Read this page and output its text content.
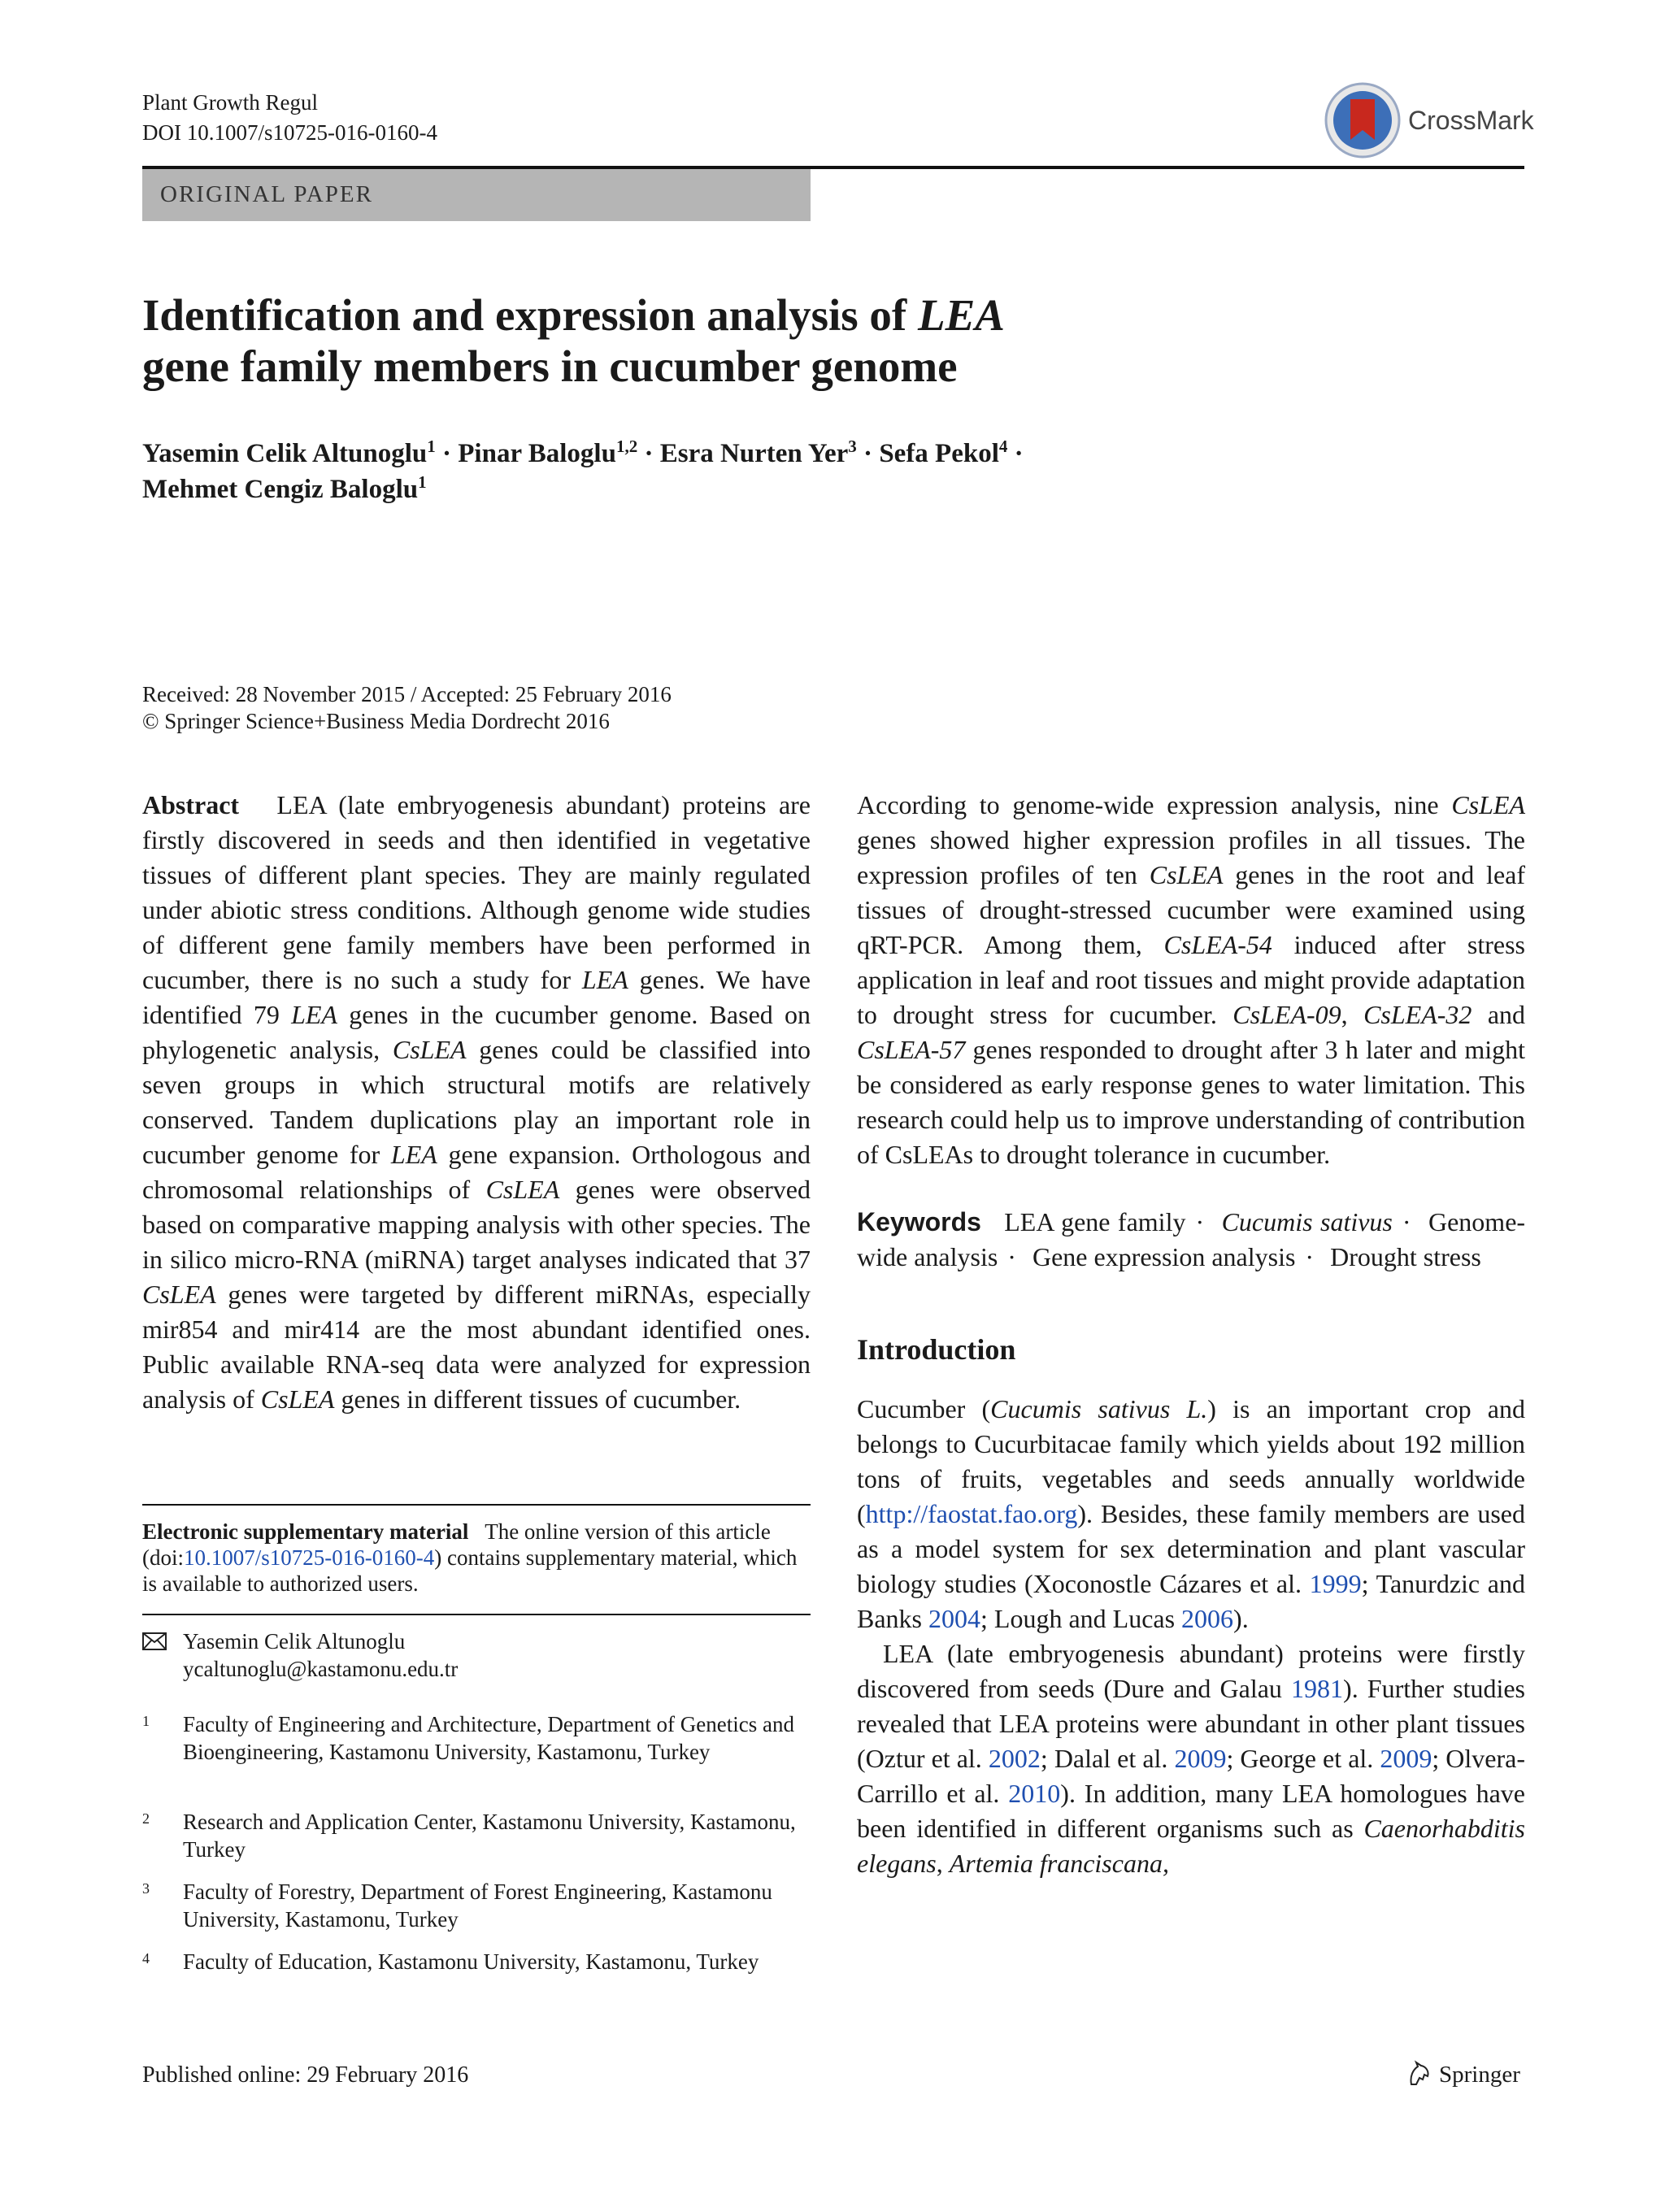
Plant Growth Regul
DOI 10.1007/s10725-016-0160-4	CrossMark
ORIGINAL PAPER
Identification and expression analysis of LEA
gene family members in cucumber genome
Yasemin Celik Altunoglu$^1$ · Pinar Baloglu$^{1,2}$ · Esra Nurten Yer$^3$ · Sefa Pekol$^4$ ·
Mehmet Cengiz Baloglu$^1$
Received: 28 November 2015 / Accepted: 25 February 2016
© Springer Science+Business Media Dordrecht 2016

Abstract LEA (late embryogenesis abundant) proteins are firstly discovered in seeds and then identified in vegetative tissues of different plant species. They are mainly regulated under abiotic stress conditions. Although genome wide studies of different gene family members have been performed in cucumber, there is no such a study for LEA genes. We have identified 79 LEA genes in the cucumber genome. Based on phylogenetic analysis, CsLEA genes could be classified into seven groups in which structural motifs are relatively conserved. Tandem duplications play an important role in cucumber genome for LEA gene expansion. Orthologous and chromosomal relationships of CsLEA genes were observed based on comparative mapping analysis with other species. The in silico micro-RNA (miRNA) target analyses indicated that 37 CsLEA genes were targeted by different miRNAs, especially mir854 and mir414 are the most abundant identified ones. Public available RNA-seq data were analyzed for expression analysis of CsLEA genes in different tissues of cucumber.

According to genome-wide expression analysis, nine CsLEA genes showed higher expression profiles in all tissues. The expression profiles of ten CsLEA genes in the root and leaf tissues of drought-stressed cucumber were examined using qRT-PCR. Among them, CsLEA-54 induced after stress application in leaf and root tissues and might provide adaptation to drought stress for cucumber. CsLEA-09, CsLEA-32 and CsLEA-57 genes responded to drought after 3 h later and might be considered as early response genes to water limitation. This research could help us to improve understanding of contribution of CsLEAs to drought tolerance in cucumber.

Keywords LEA gene family · Cucumis sativus · Genome-wide analysis · Gene expression analysis · Drought stress

Introduction

Cucumber (Cucumis sativus L.) is an important crop and belongs to Cucurbitacae family which yields about 192 million tons of fruits, vegetables and seeds annually worldwide (http://faostat.fao.org). Besides, these family members are used as a model system for sex determination and plant vascular biology studies (Xoconostle Cázares et al. 1999; Tanurdzic and Banks 2004; Lough and Lucas 2006).

LEA (late embryogenesis abundant) proteins were firstly discovered from seeds (Dure and Galau 1981). Further studies revealed that LEA proteins were abundant in other plant tissues (Oztur et al. 2002; Dalal et al. 2009; George et al. 2009; Olvera-Carrillo et al. 2010). In addition, many LEA homologues have been identified in different organisms such as Caenorhabditis elegans, Artemia franciscana,

Electronic supplementary material The online version of this article (doi:10.1007/s10725-016-0160-4) contains supplementary material, which is available to authorized users.
Yasemin Celik Altunoglu
ycaltunoglu@kastamonu.edu.tr
1 Faculty of Engineering and Architecture, Department of Genetics and Bioengineering, Kastamonu University, Kastamonu, Turkey
2 Research and Application Center, Kastamonu University, Kastamonu, Turkey
3 Faculty of Forestry, Department of Forest Engineering, Kastamonu University, Kastamonu, Turkey
4 Faculty of Education, Kastamonu University, Kastamonu, Turkey
Published online: 29 February 2016	Springer
